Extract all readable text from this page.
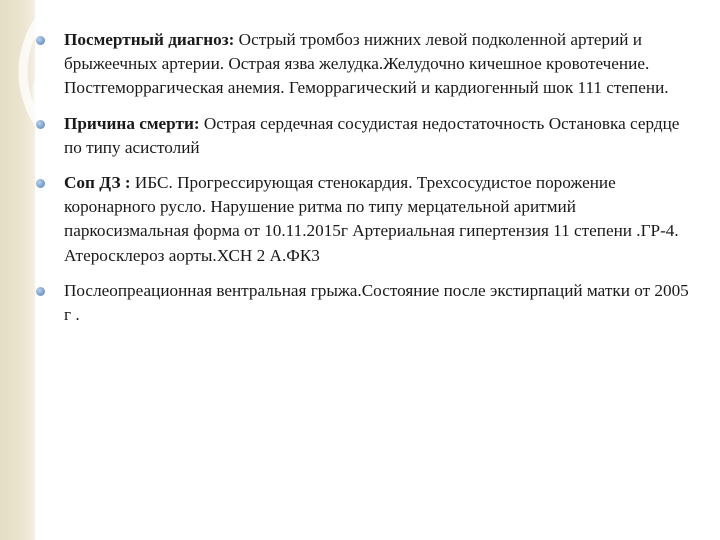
Посмертный диагноз: Острый тромбоз нижних левой подколенной артерий и брыжеечных артерии. Острая язва желудка.Желудочно кичешное кровотечение. Постгеморрагическая анемия. Геморрагический и кардиогенный шок 111 степени.
Причина смерти: Острая сердечная сосудистая недостаточность Остановка сердце по типу асистолий
Соп ДЗ : ИБС. Прогрессирующая стенокардия. Трехсосудистое порожение коронарного русло. Нарушение ритма по типу мерцательной аритмий паркосизмальная форма от 10.11.2015г Артериальная гипертензия 11 степени .ГР-4. Атеросклероз аорты.ХСН 2 А.ФК3
Послеопреационная вентральная грыжа.Состояние после экстирпаций матки от 2005 г .
